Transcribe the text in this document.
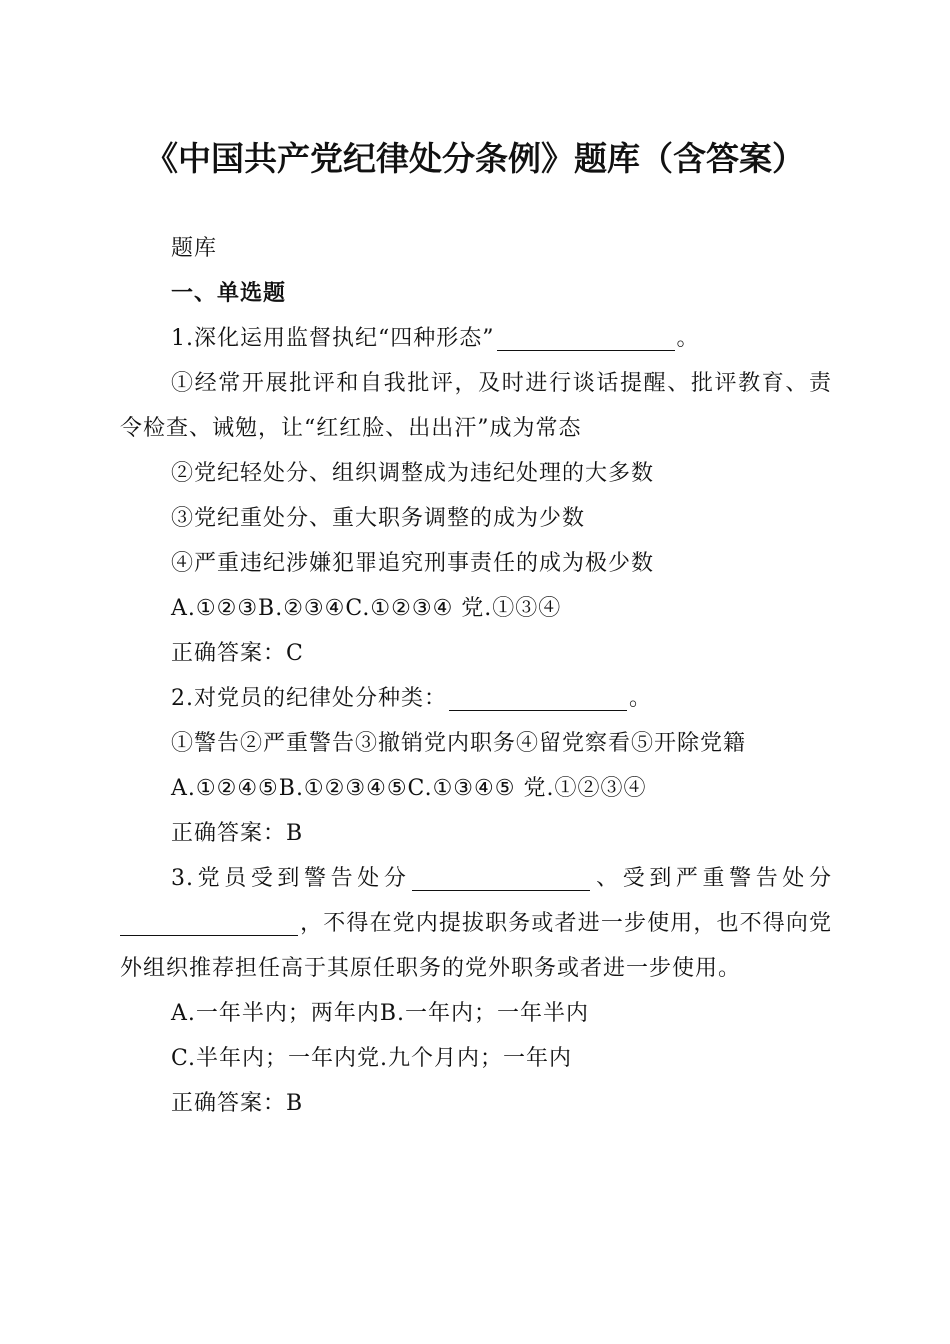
《中国共产党纪律处分条例》题库（含答案）

题库

一、单选题

1.深化运用监督执纪“四种形态”	。

①经常开展批评和自我批评，及时进行谈话提醒、批评教育、责令检查、诫勉，让“红红脸、出出汗”成为常态

②党纪轻处分、组织调整成为违纪处理的大多数

③党纪重处分、重大职务调整的成为少数

④严重违纪涉嫌犯罪追究刑事责任的成为极少数

A.①②③B.②③④C.①②③④ 党.①③④

正确答案：C

2.对党员的纪律处分种类：	。

①警告②严重警告③撤销党内职务④留党察看⑤开除党籍

A.①②④⑤B.①②③④⑤C.①③④⑤ 党.①②③④

正确答案：B

3.党员受到警告处分	、受到严重警告处分，不得在党内提拔职务或者进一步使用，也不得向党外组织推荐担任高于其原任职务的党外职务或者进一步使用。

A.一年半内；两年内B.一年内；一年半内

C.半年内；一年内党.九个月内；一年内

正确答案：B
